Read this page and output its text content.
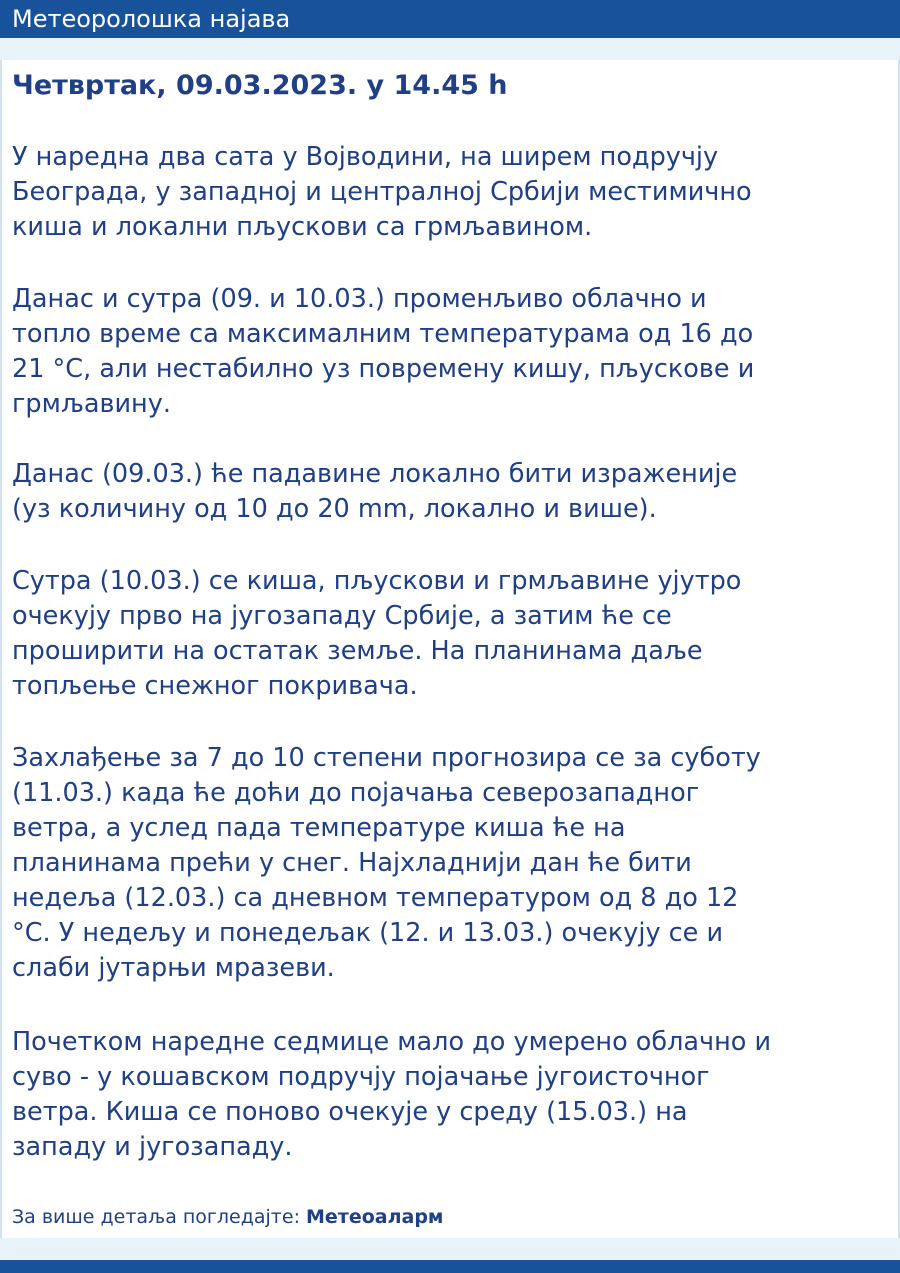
Метеоролошка најава
Четвртак, 09.03.2023. у 14.45 h
У наредна два сата у Војводини, на ширем подручју
Београда, у западној и централној Србији местимично
киша и локални пљускови са грмљавином.
Данас и сутра (09. и 10.03.) променљиво облачно и
топло време са максималним температурама од 16 до
21 °C, али нестабилно уз повремену кишу, пљускове и
грмљавину.
Данас (09.03.) ће падавине локално бити израженије
(уз количину од 10 до 20 mm, локално и више).
Сутра (10.03.) се киша, пљускови и грмљавине ујутро
очекују прво на југозападу Србије, а затим ће се
проширити на остатак земље. На планинама даље
топљење снежног покривача.
Захлађење за 7 до 10 степени прогнозира се за суботу
(11.03.) када ће доћи до појачања северозападног
ветра, а услед пада температуре киша ће на
планинама прећи у снег. Најхладнији дан ће бити
недеља (12.03.) са дневном температуром од 8 до 12
°C. У недељу и понедељак (12. и 13.03.) очекују се и
слаби јутарњи мразеви.
Почетком наредне седмице мало до умерено облачно и
суво - у кошавском подручју појачање југоисточног
ветра. Киша се поново очекује у среду (15.03.) на
западу и југозападу.
За више детаља погледајте: Метеоаларм
